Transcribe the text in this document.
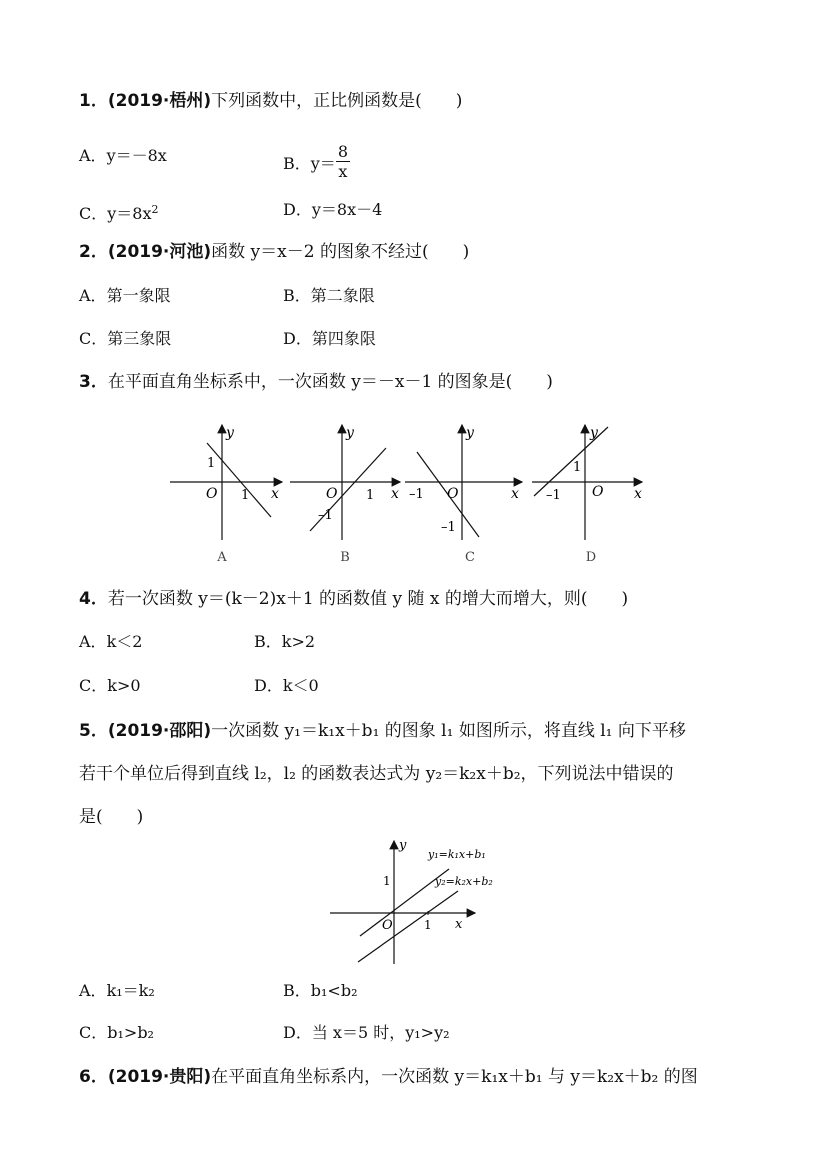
1．(2019·梧州)下列函数中，正比例函数是( )
A．y＝－8x	B．$y= \frac{8}{x}$
C．$y=8x^2$	D．y＝8x－4
2．(2019·河池)函数 y＝x－2 的图象不经过( )
A．第一象限	B．第二象限
C．第三象限	D．第四象限
3．在平面直角坐标系中，一次函数 y＝－x－1 的图象是( )
y
x
O
1
1
A
y
x
O 1
–1
B
y
x
O
–1
–1
C
y
x
O
1
–1
D
4．若一次函数 y＝(k－2)x＋1 的函数值 y 随 x 的增大而增大，则( )
A．k＜2	B．k>2
C．k>0	D．k＜0
5．(2019·邵阳)一次函数 y₁＝k₁x＋b₁ 的图象 l₁ 如图所示，将直线 l₁ 向下平移
若干个单位后得到直线 l₂，l₂ 的函数表达式为 y₂＝k₂x＋b₂，下列说法中错误的
是( )
y
x
O	1
1
y₁=k₁x+b₁
y₂=k₂x+b₂
A．k₁＝k₂	B．b₁<b₂
C．b₁>b₂	D．当 x＝5 时，y₁>y₂
6．(2019·贵阳)在平面直角坐标系内，一次函数 y＝k₁x＋b₁ 与 y＝k₂x＋b₂ 的图
